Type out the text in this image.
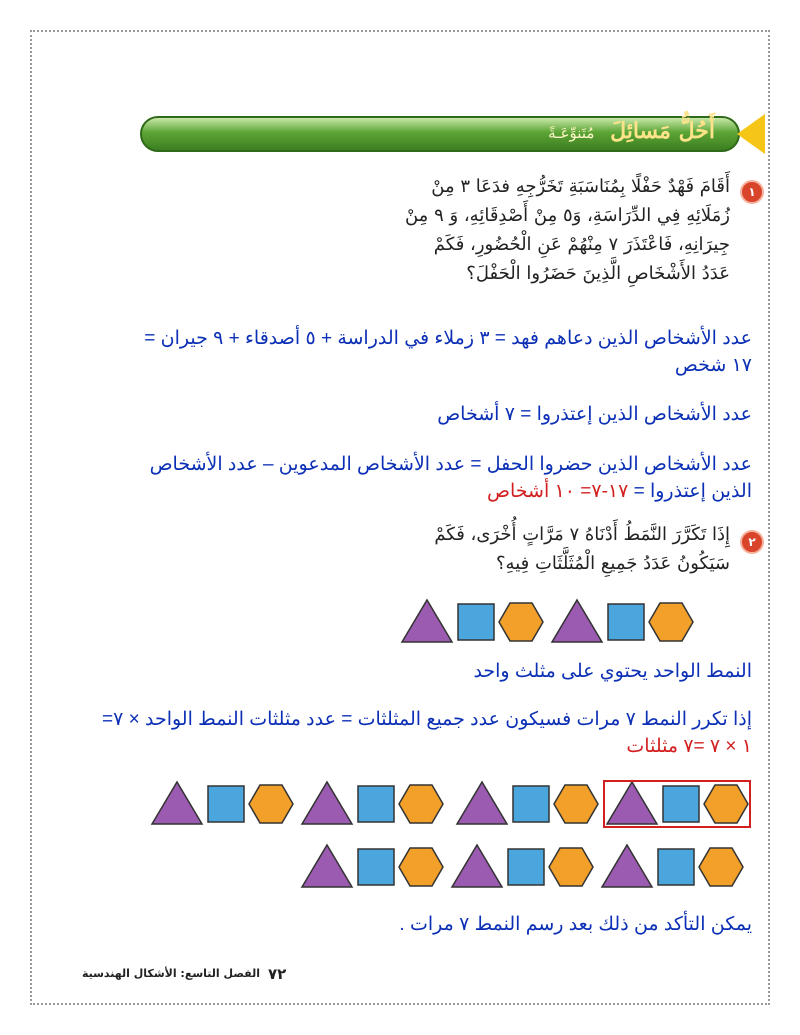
أَحُلُّ مَسائِلَ مُتَنوِّعَـةً
١
أَقَامَ فَهْدٌ حَفْلًا بِمُنَاسَبَةِ تَخَرُّجِهِ فدَعَا ٣ مِنْ
زُمَلَائِهِ فِي الدِّرَاسَةِ، وَ٥ مِنْ أَصْدِقَائِهِ، وَ ٩ مِنْ
جِيرَانِهِ، فَاعْتَذَرَ ٧ مِنْهُمْ عَنِ الْحُضُورِ، فَكَمْ
عَدَدُ الأَشْخَاصِ الَّذِينَ حَضَرُوا الْحَفْلَ؟
عدد الأشخاص الذين دعاهم فهد = ٣ زملاء في الدراسة + ٥ أصدقاء + ٩ جيران =
١٧ شخص
عدد الأشخاص الذين إعتذروا = ٧ أشخاص
عدد الأشخاص الذين حضروا الحفل = عدد الأشخاص المدعوين – عدد الأشخاص
الذين إعتذروا = ١٧-٧= ١٠ أشخاص
٢
إِذَا تَكَرَّرَ النَّمَطُ أَدْنَاهُ ٧ مَرَّاتٍ أُخْرَى، فَكَمْ
سَيَكُونُ عَدَدُ جَمِيعِ الْمُثَلَّثَاتِ فِيهِ؟
النمط الواحد يحتوي على مثلث واحد
إذا تكرر النمط ٧ مرات فسيكون عدد جميع المثلثات = عدد مثلثات النمط الواحد × ٧=
١ × ٧ =٧ مثلثات
يمكن التأكد من ذلك بعد رسم النمط ٧ مرات .
٧٢
الفصل التاسع: الأشكال الهندسية
